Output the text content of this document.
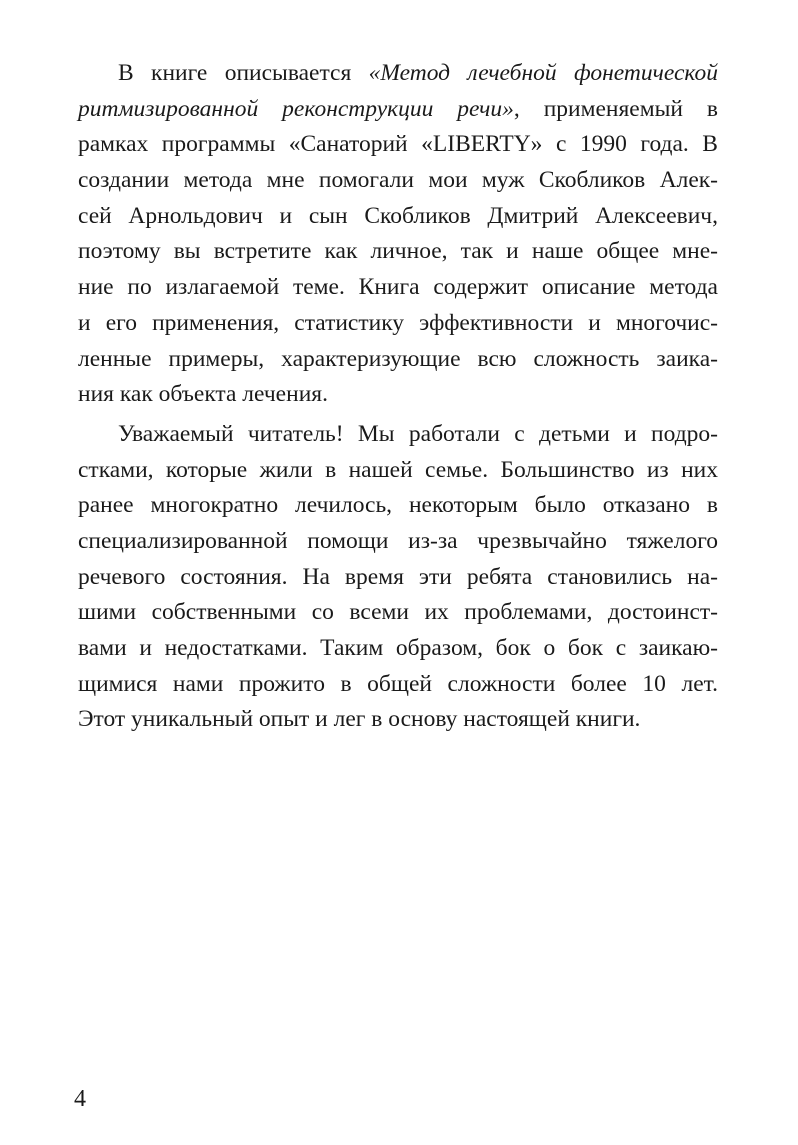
В книге описывается «Метод лечебной фонетической
ритмизированной реконструкции речи», применяемый в
рамках программы «Санаторий «LIBERTY» с 1990 года. В
создании метода мне помогали мои муж Скобликов Алек-
сей Арнольдович и сын Скобликов Дмитрий Алексеевич,
поэтому вы встретите как личное, так и наше общее мне-
ние по излагаемой теме. Книга содержит описание метода
и его применения, статистику эффективности и многочис-
ленные примеры, характеризующие всю сложность заика-
ния как объекта лечения.
Уважаемый читатель! Мы работали с детьми и подро-
стками, которые жили в нашей семье. Большинство из них
ранее многократно лечилось, некоторым было отказано в
специализированной помощи из-за чрезвычайно тяжелого
речевого состояния. На время эти ребята становились на-
шими собственными со всеми их проблемами, достоинст-
вами и недостатками. Таким образом, бок о бок с заикаю-
щимися нами прожито в общей сложности более 10 лет.
Этот уникальный опыт и лег в основу настоящей книги.
4
